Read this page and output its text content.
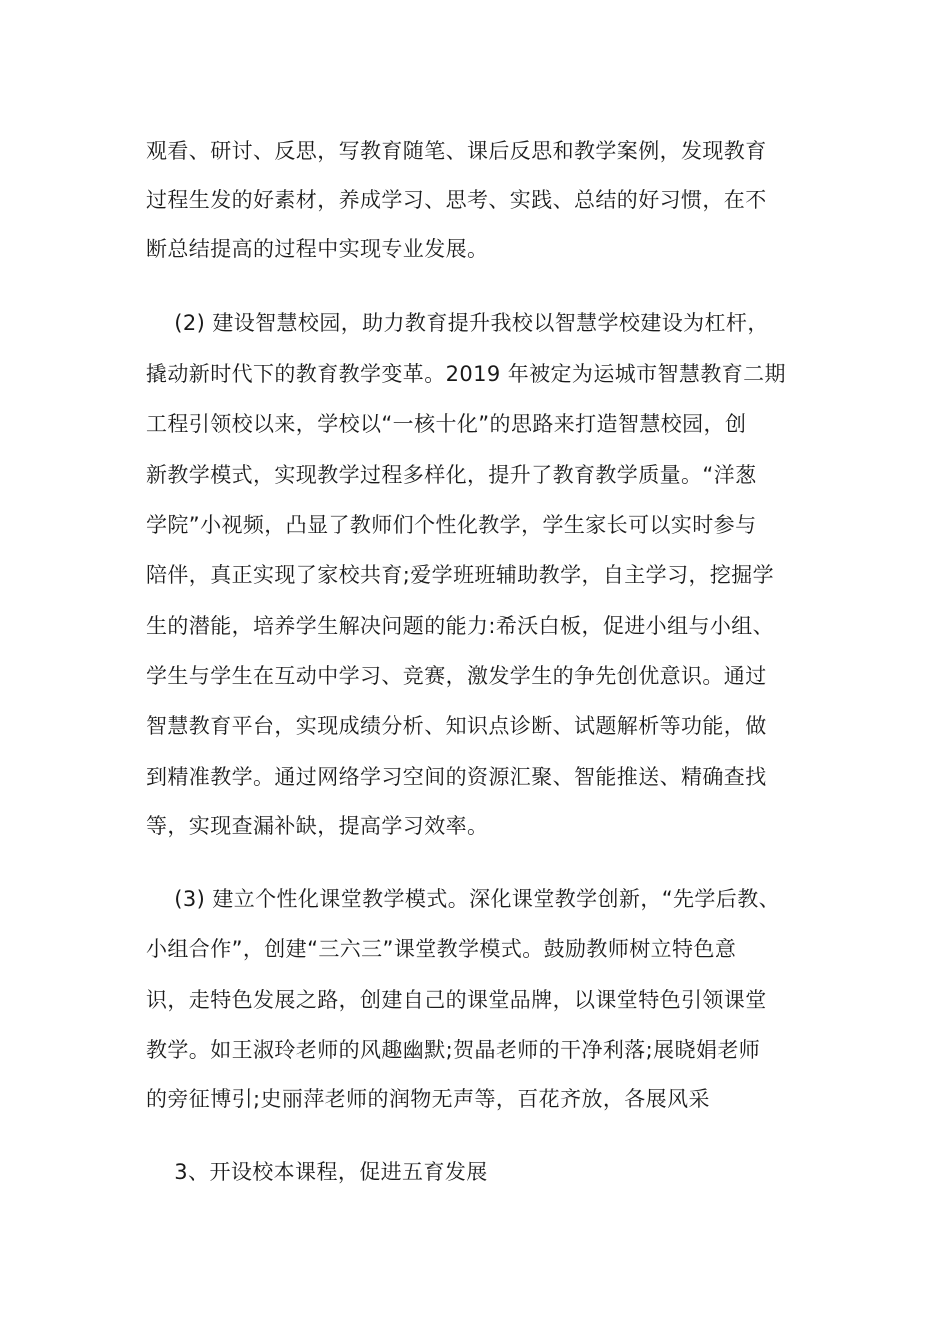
观看、研讨、反思，写教育随笔、课后反思和教学案例，发现教育
过程生发的好素材，养成学习、思考、实践、总结的好习惯，在不
断总结提高的过程中实现专业发展。
(2) 建设智慧校园，助力教育提升我校以智慧学校建设为杠杆，
撬动新时代下的教育教学变革。2019 年被定为运城市智慧教育二期
工程引领校以来，学校以“一核十化”的思路来打造智慧校园，创
新教学模式，实现教学过程多样化，提升了教育教学质量。“洋葱
学院”小视频，凸显了教师们个性化教学，学生家长可以实时参与
陪伴，真正实现了家校共育;爱学班班辅助教学，自主学习，挖掘学
生的潜能，培养学生解决问题的能力:希沃白板，促进小组与小组、
学生与学生在互动中学习、竞赛，激发学生的争先创优意识。通过
智慧教育平台，实现成绩分析、知识点诊断、试题解析等功能，做
到精准教学。通过网络学习空间的资源汇聚、智能推送、精确查找
等，实现查漏补缺，提高学习效率。
(3) 建立个性化课堂教学模式。深化课堂教学创新，“先学后教、
小组合作”，创建“三六三”课堂教学模式。鼓励教师树立特色意
识，走特色发展之路，创建自己的课堂品牌，以课堂特色引领课堂
教学。如王淑玲老师的风趣幽默;贺晶老师的干净利落;展晓娟老师
的旁征博引;史丽萍老师的润物无声等，百花齐放，各展风采
3、开设校本课程，促进五育发展
